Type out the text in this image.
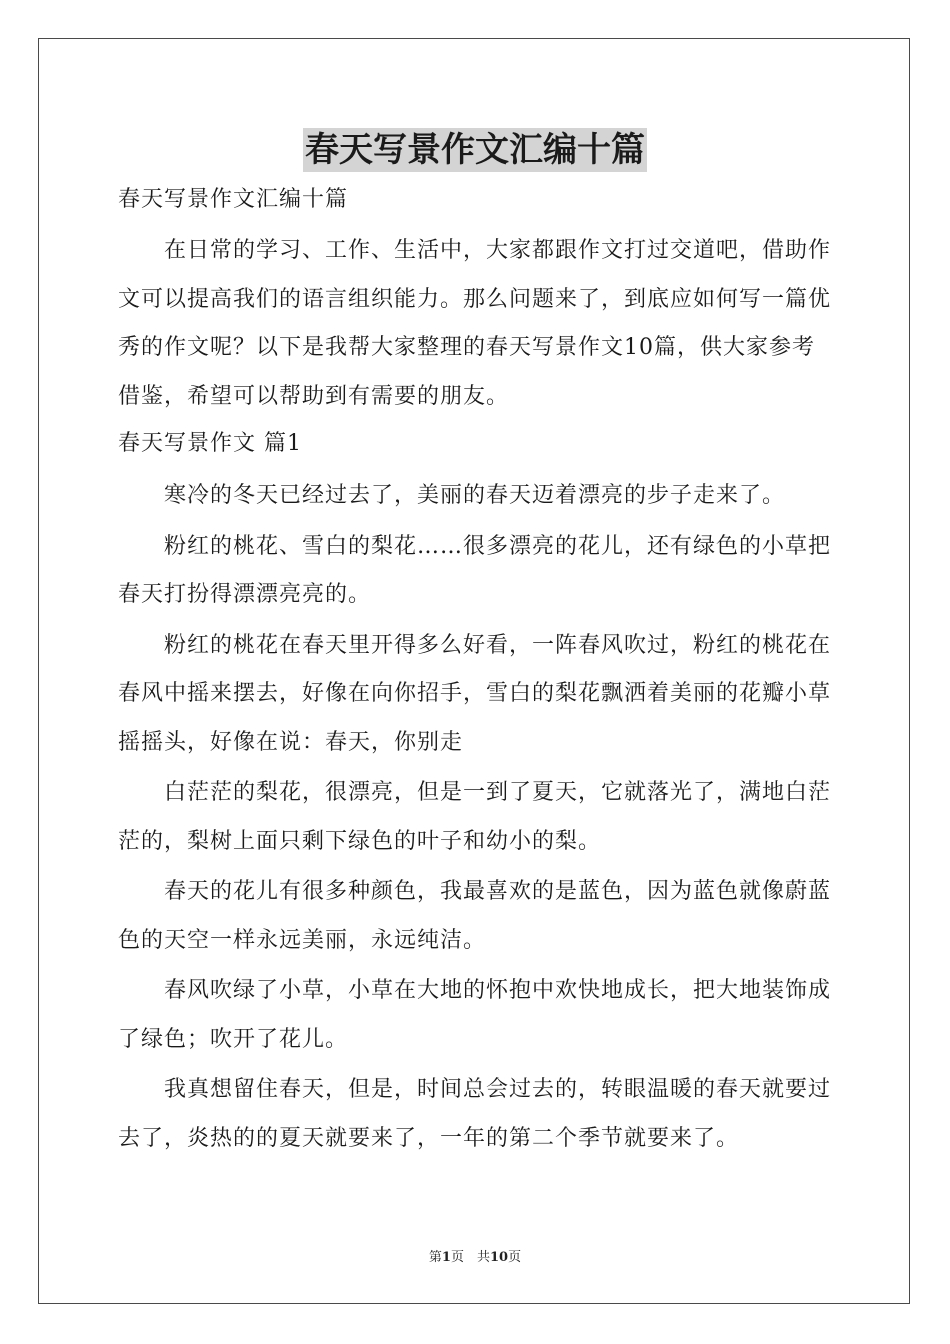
春天写景作文汇编十篇

春天写景作文汇编十篇

在日常的学习、工作、生活中，大家都跟作文打过交道吧，借助作文可以提高我们的语言组织能力。那么问题来了，到底应如何写一篇优秀的作文呢？以下是我帮大家整理的春天写景作文10篇，供大家参考借鉴，希望可以帮助到有需要的朋友。

春天写景作文 篇1

寒冷的冬天已经过去了，美丽的春天迈着漂亮的步子走来了。

粉红的桃花、雪白的梨花……很多漂亮的花儿，还有绿色的小草把春天打扮得漂漂亮亮的。

粉红的桃花在春天里开得多么好看，一阵春风吹过，粉红的桃花在春风中摇来摆去，好像在向你招手，雪白的梨花飘洒着美丽的花瓣小草摇摇头，好像在说：春天，你别走

白茫茫的梨花，很漂亮，但是一到了夏天，它就落光了，满地白茫茫的，梨树上面只剩下绿色的叶子和幼小的梨。

春天的花儿有很多种颜色，我最喜欢的是蓝色，因为蓝色就像蔚蓝色的天空一样永远美丽，永远纯洁。

春风吹绿了小草，小草在大地的怀抱中欢快地成长，把大地装饰成了绿色；吹开了花儿。

我真想留住春天，但是，时间总会过去的，转眼温暖的春天就要过去了，炎热的的夏天就要来了，一年的第二个季节就要来了。

第1页　共10页
